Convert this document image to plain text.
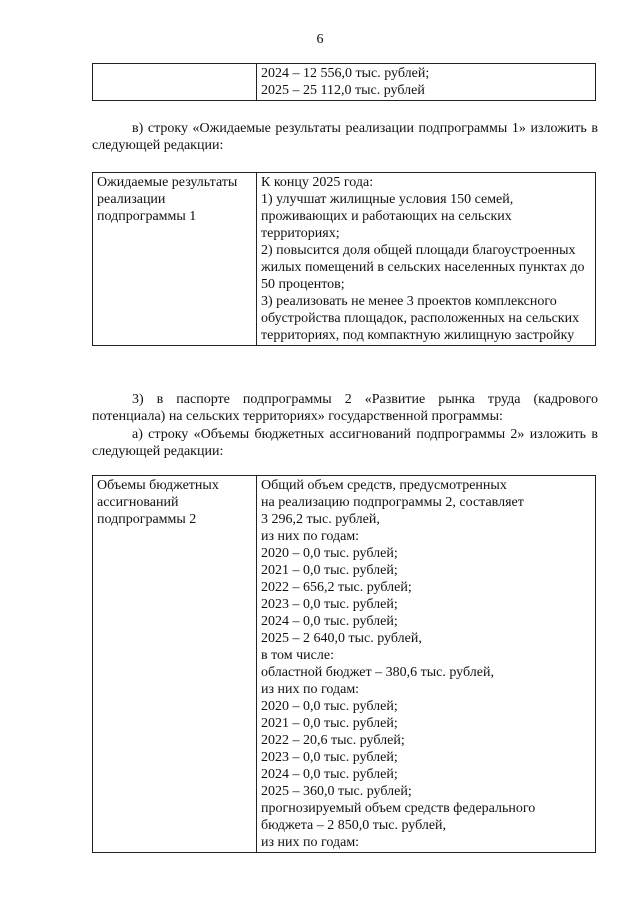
6
	2024 – 12 556,0 тыс. рублей;
2025 – 25 112,0 тыс. рублей

в) строку «Ожидаемые результаты реализации подпрограммы 1» изложить в следующей редакции:

Ожидаемые результаты реализации подпрограммы 1	К концу 2025 года:
1) улучшат жилищные условия 150 семей, проживающих и работающих на сельских территориях;
2) повысится доля общей площади благоустроенных жилых помещений в сельских населенных пунктах до 50 процентов;
3) реализовать не менее 3 проектов комплексного обустройства площадок, расположенных на сельских территориях, под компактную жилищную застройку

3) в паспорте подпрограммы 2 «Развитие рынка труда (кадрового потенциала) на сельских территориях» государственной программы:

а) строку «Объемы бюджетных ассигнований подпрограммы 2» изложить в следующей редакции:

Объемы бюджетных ассигнований подпрограммы 2	Общий объем средств, предусмотренных
на реализацию подпрограммы 2, составляет
3 296,2 тыс. рублей,
из них по годам:
2020 – 0,0 тыс. рублей;
2021 – 0,0 тыс. рублей;
2022 – 656,2 тыс. рублей;
2023 – 0,0 тыс. рублей;
2024 – 0,0 тыс. рублей;
2025 – 2 640,0 тыс. рублей,
в том числе:
областной бюджет – 380,6 тыс. рублей,
из них по годам:
2020 – 0,0 тыс. рублей;
2021 – 0,0 тыс. рублей;
2022 – 20,6 тыс. рублей;
2023 – 0,0 тыс. рублей;
2024 – 0,0 тыс. рублей;
2025 – 360,0 тыс. рублей;
прогнозируемый объем средств федерального
бюджета – 2 850,0 тыс. рублей,
из них по годам:
